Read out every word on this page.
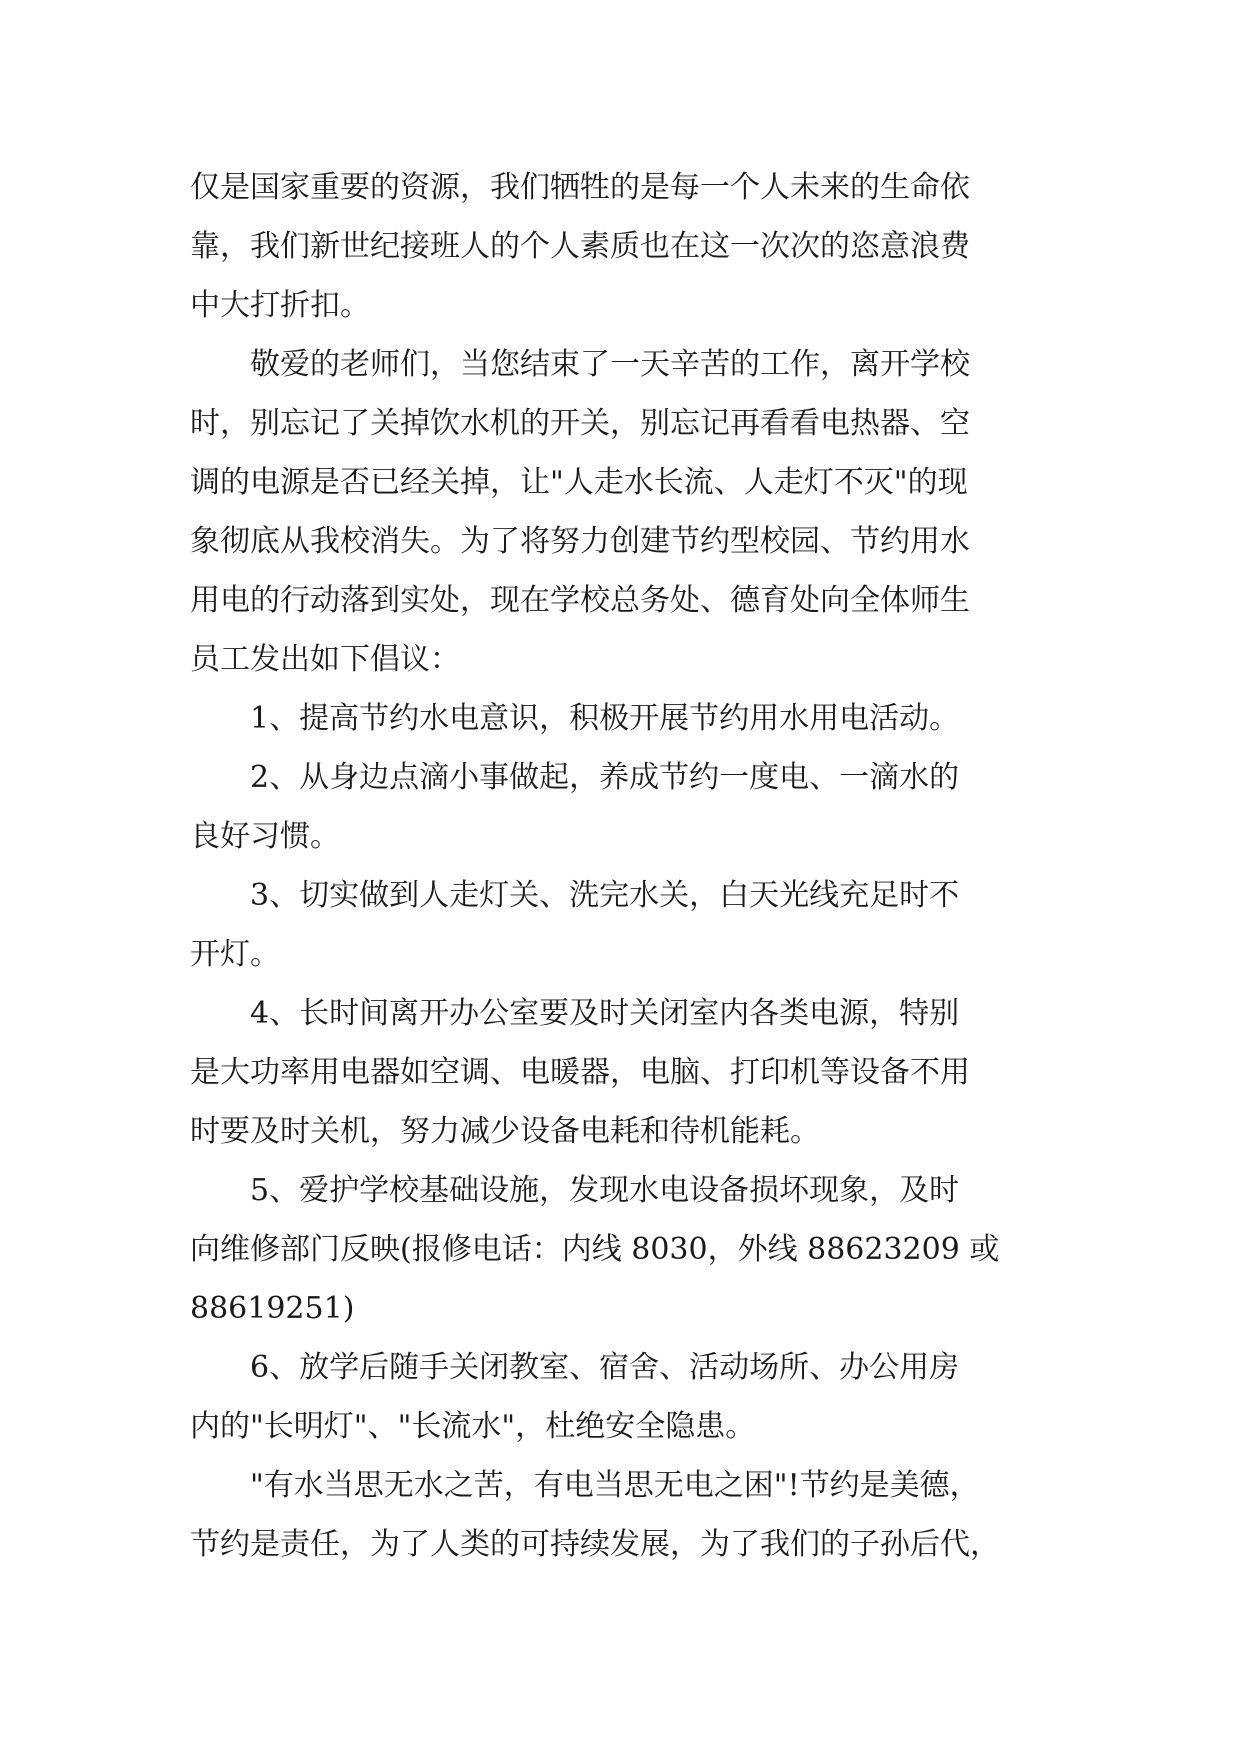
仅是国家重要的资源，我们牺牲的是每一个人未来的生命依
靠，我们新世纪接班人的个人素质也在这一次次的恣意浪费
中大打折扣。
敬爱的老师们，当您结束了一天辛苦的工作，离开学校
时，别忘记了关掉饮水机的开关，别忘记再看看电热器、空
调的电源是否已经关掉，让"人走水长流、人走灯不灭"的现
象彻底从我校消失。为了将努力创建节约型校园、节约用水
用电的行动落到实处，现在学校总务处、德育处向全体师生
员工发出如下倡议：
1、提高节约水电意识，积极开展节约用水用电活动。
2、从身边点滴小事做起，养成节约一度电、一滴水的
良好习惯。
3、切实做到人走灯关、洗完水关，白天光线充足时不
开灯。
4、长时间离开办公室要及时关闭室内各类电源，特别
是大功率用电器如空调、电暖器，电脑、打印机等设备不用
时要及时关机，努力减少设备电耗和待机能耗。
5、爱护学校基础设施，发现水电设备损坏现象，及时
向维修部门反映(报修电话：内线 8030，外线 88623209 或
88619251)
6、放学后随手关闭教室、宿舍、活动场所、办公用房
内的"长明灯"、"长流水"，杜绝安全隐患。
"有水当思无水之苦，有电当思无电之困"!节约是美德，
节约是责任，为了人类的可持续发展，为了我们的子孙后代，
